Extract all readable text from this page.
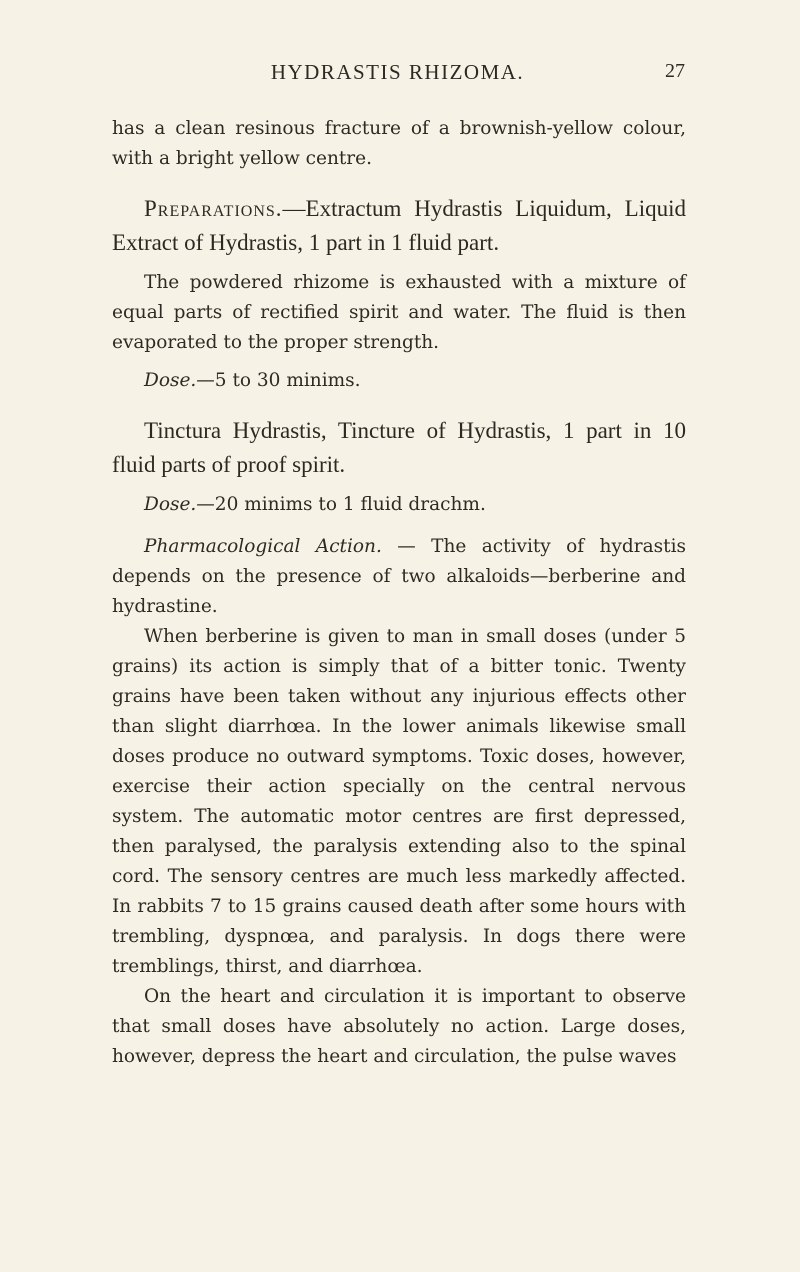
HYDRASTIS RHIZOMA.	27

has a clean resinous fracture of a brownish-yellow colour, with a bright yellow centre.

Preparations.—Extractum Hydrastis Liquidum, Liquid Extract of Hydrastis, 1 part in 1 fluid part.

The powdered rhizome is exhausted with a mixture of equal parts of rectified spirit and water. The fluid is then evaporated to the proper strength.

Dose.—5 to 30 minims.

Tinctura Hydrastis, Tincture of Hydrastis, 1 part in 10 fluid parts of proof spirit.

Dose.—20 minims to 1 fluid drachm.

Pharmacological Action. — The activity of hydrastis depends on the presence of two alkaloids—berberine and hydrastine.

When berberine is given to man in small doses (under 5 grains) its action is simply that of a bitter tonic. Twenty grains have been taken without any injurious effects other than slight diarrhœa. In the lower animals likewise small doses produce no outward symptoms. Toxic doses, however, exercise their action specially on the central nervous system. The automatic motor centres are first depressed, then paralysed, the paralysis extending also to the spinal cord. The sensory centres are much less markedly affected. In rabbits 7 to 15 grains caused death after some hours with trembling, dyspnœa, and paralysis. In dogs there were tremblings, thirst, and diarrhœa.

On the heart and circulation it is important to observe that small doses have absolutely no action. Large doses, however, depress the heart and circulation, the pulse waves
